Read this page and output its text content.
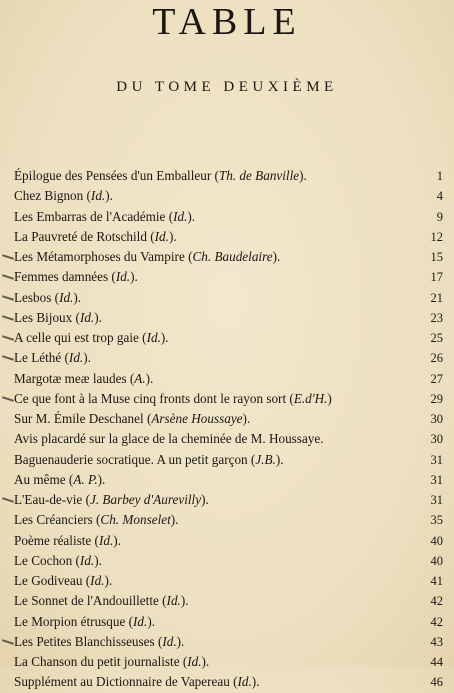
TABLE
DU TOME DEUXIÈME
Épilogue des Pensées d'un Emballeur (Th. de Banville).	1
Chez Bignon (Id.).	4
Les Embarras de l'Académie (Id.).	9
La Pauvreté de Rotschild (Id.).	12
Les Métamorphoses du Vampire (Ch. Baudelaire).	15
Femmes damnées (Id.).	17
Lesbos (Id.).	21
Les Bijoux (Id.).	23
A celle qui est trop gaie (Id.).	25
Le Léthé (Id.).	26
Margotæ meæ laudes (A.).	27
Ce que font à la Muse cinq fronts dont le rayon sort (E.d'H.)	29
Sur M. Émile Deschanel (Arsène Houssaye).	30
Avis placardé sur la glace de la cheminée de M. Houssaye.	30
Baguenauderie socratique. A un petit garçon (J.B.).	31
Au même (A. P.).	31
L'Eau-de-vie (J. Barbey d'Aurevilly).	31
Les Créanciers (Ch. Monselet).	35
Poème réaliste (Id.).	40
Le Cochon (Id.).	40
Le Godiveau (Id.).	41
Le Sonnet de l'Andouillette (Id.).	42
Le Morpion étrusque (Id.).	42
Les Petites Blanchisseuses (Id.).	43
La Chanson du petit journaliste (Id.).	44
Supplément au Dictionnaire de Vapereau (Id.).	46
